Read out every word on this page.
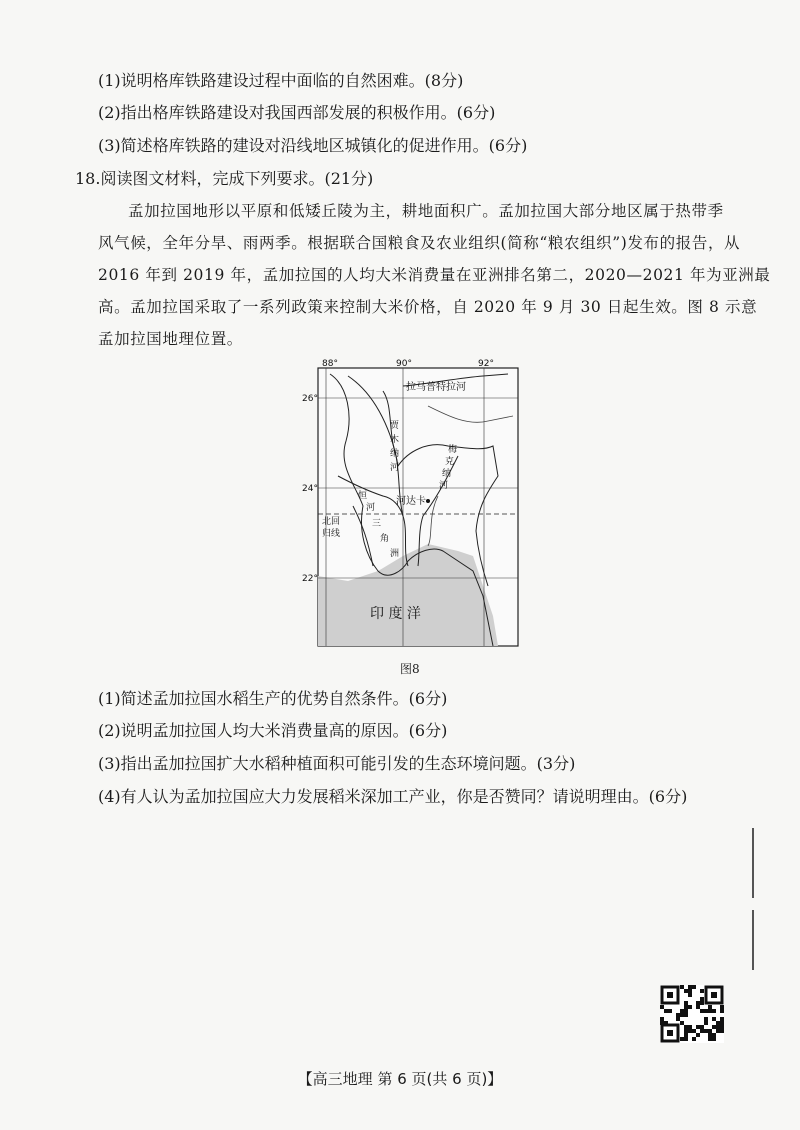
(1)说明格库铁路建设过程中面临的自然困难。(8分)
(2)指出格库铁路建设对我国西部发展的积极作用。(6分)
(3)简述格库铁路的建设对沿线地区城镇化的促进作用。(6分)
18.阅读图文材料，完成下列要求。(21分)
孟加拉国地形以平原和低矮丘陵为主，耕地面积广。孟加拉国大部分地区属于热带季
风气候，全年分旱、雨两季。根据联合国粮食及农业组织(简称“粮农组织”)发布的报告，从
2016 年到 2019 年，孟加拉国的人均大米消费量在亚洲排名第二，2020—2021 年为亚洲最
高。孟加拉国采取了一系列政策来控制大米价格，自 2020 年 9 月 30 日起生效。图 8 示意
孟加拉国地理位置。
88°	90°	92°
26°
24°
22°
拉马普特拉河
贾
木
纳
河
梅
克
纳
河
河达卡
恒
河
三
角
洲
北回
归线
印 度 洋
图8
(1)简述孟加拉国水稻生产的优势自然条件。(6分)
(2)说明孟加拉国人均大米消费量高的原因。(6分)
(3)指出孟加拉国扩大水稻种植面积可能引发的生态环境问题。(3分)
(4)有人认为孟加拉国应大力发展稻米深加工产业，你是否赞同？请说明理由。(6分)
【高三地理 第 6 页(共 6 页)】
